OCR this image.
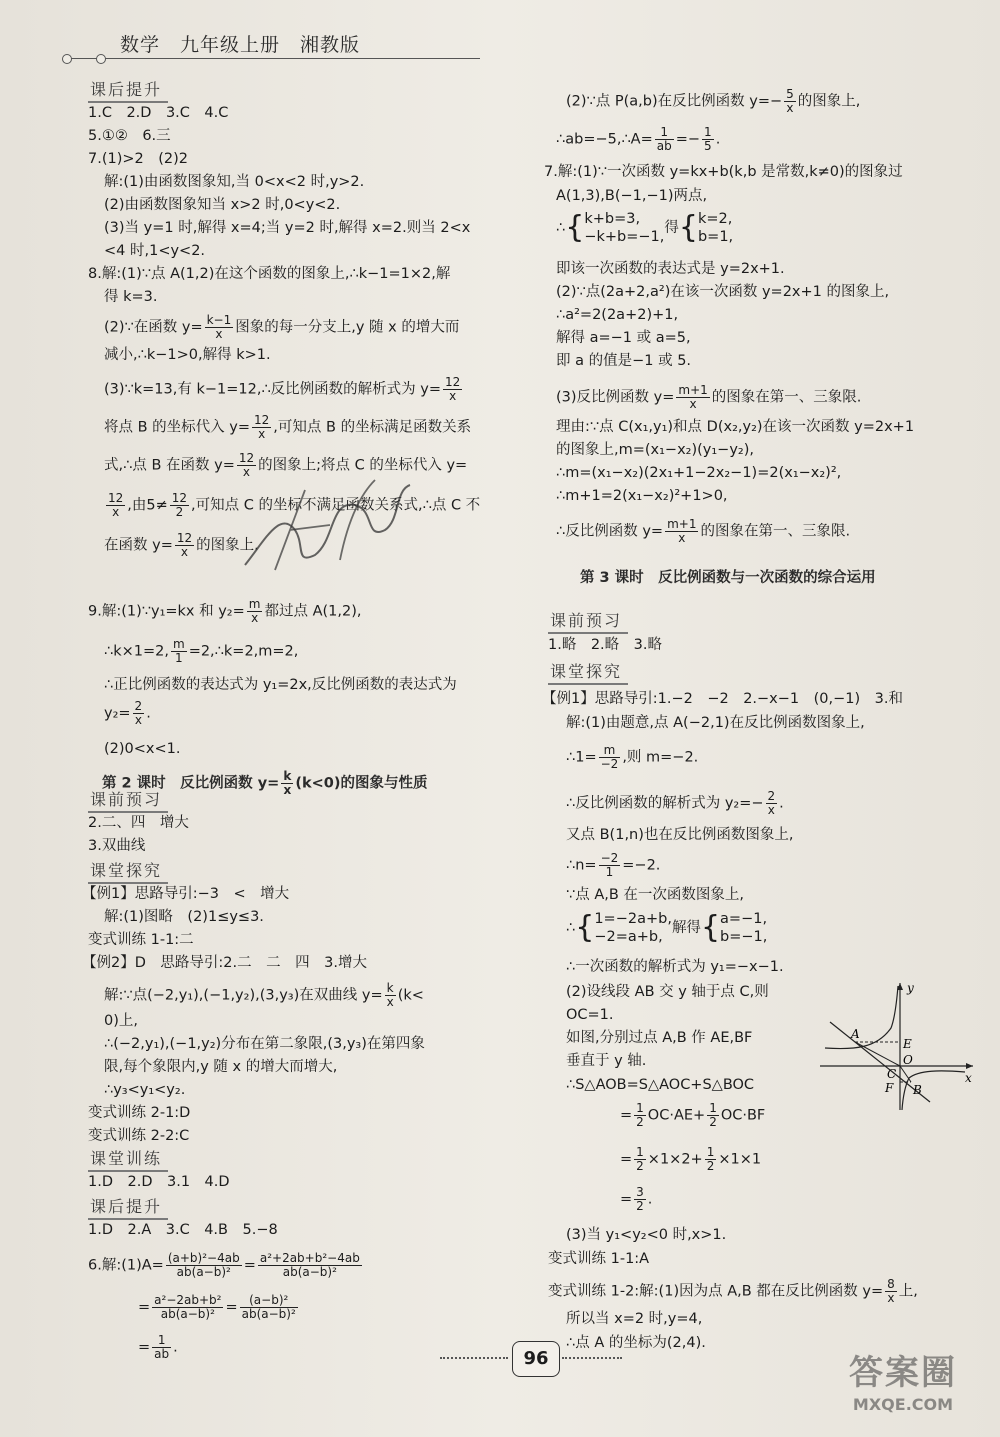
数学　九年级上册　湘教版
课后提升
1.C　2.D　3.C　4.C
5.①②　6.三
7.(1)>2　(2)2
解:(1)由函数图象知,当 0<x<2 时,y>2.
(2)由函数图象知当 x>2 时,0<y<2.
(3)当 y=1 时,解得 x=4;当 y=2 时,解得 x=2.则当 2<x
<4 时,1<y<2.
8.解:(1)∵点 A(1,2)在这个函数的图象上,∴k−1=1×2,解
得 k=3.
(2)∵在函数 $y= \frac{k-1}{x}$ 图象的每一分支上,y 随 x 的增大而
减小,∴k−1>0,解得 k>1.
(3)∵k=13,有 k−1=12,∴反比例函数的解析式为 $y= \frac{12}{x}$
将点 B 的坐标代入 $y= \frac{12}{x}$ ,可知点 B 的坐标满足函数关系
式,∴点 B 在函数 $y= \frac{12}{x}$ 的图象上;将点 C 的坐标代入 y=
$\frac{12}{x}$ ,由$5\ne \frac{12}{2}$ ,可知点 C 的坐标不满足函数关系式,∴点 C 不
在函数 $y= \frac{12}{x}$ 的图象上.
9.解:(1)∵y₁=kx 和 $y_2= \frac{m}{x}$ 都过点 A(1,2),
∴k×1=2, $\frac{m}{1}$ =2,∴k=2,m=2,
∴正比例函数的表达式为 y₁=2x,反比例函数的表达式为
$y_2= \frac{2}{x}$ .
(2)0<x<1.
第 2 课时　反比例函数 $y= \frac{k}{x} (k<0)$的图象与性质
课前预习
2.二、四　增大
3.双曲线
课堂探究
【例1】思路导引:−3　<　增大
解:(1)图略　(2)1≤y≤3.
变式训练 1-1:二
【例2】D　思路导引:2.二　二　四　3.增大
解:∵点(−2,y₁),(−1,y₂),(3,y₃)在双曲线 $y= \frac{k}{x} (k<$
0)上,
∴(−2,y₁),(−1,y₂)分布在第二象限,(3,y₃)在第四象
限,每个象限内,y 随 x 的增大而增大,
∴y₃<y₁<y₂.
变式训练 2-1:D
变式训练 2-2:C
课堂训练
1.D　2.D　3.1　4.D
课后提升
1.D　2.A　3.C　4.B　5.−8
6.解:(1)A= $\frac{\text{(a+b)²−4ab}}{\text{ab(a−b)²}} = \frac{\text{a²+2ab+b²−4ab}}{\text{ab(a−b)²}}$
= $\frac{\text{a²−2ab+b²}}{\text{ab(a−b)²}} = \frac{\text{(a−b)²}}{\text{ab(a−b)²}}$
= $\frac{1}{ab}$ .
(2)∵点 P(a,b)在反比例函数 $y=- \frac{5}{x}$ 的图象上,
∴ab=−5,∴A= $\frac{1}{ab} =- \frac{1}{5}$ .
7.解:(1)∵一次函数 y=kx+b(k,b 是常数,k≠0)的图象过
A(1,3),B(−1,−1)两点,
∴{k+b=3,
−k+b=−1,得{k=2,
b=1,
即该一次函数的表达式是 y=2x+1.
(2)∵点(2a+2,a²)在该一次函数 y=2x+1 的图象上,
∴a²=2(2a+2)+1,
解得 a=−1 或 a=5,
即 a 的值是−1 或 5.
(3)反比例函数 $y= \frac{m+1}{x}$ 的图象在第一、三象限.
理由:∵点 C(x₁,y₁)和点 D(x₂,y₂)在该一次函数 y=2x+1
的图象上,m=(x₁−x₂)(y₁−y₂),
∴m=(x₁−x₂)(2x₁+1−2x₂−1)=2(x₁−x₂)²,
∴m+1=2(x₁−x₂)²+1>0,
∴反比例函数 $y= \frac{m+1}{x}$ 的图象在第一、三象限.
第 3 课时　反比例函数与一次函数的综合运用
课前预习
1.略　2.略　3.略
课堂探究
【例1】思路导引:1.−2　−2　2.−x−1　(0,−1)　3.和
解:(1)由题意,点 A(−2,1)在反比例函数图象上,
∴1= $\frac{m}{-2}$ ,则 m=−2.
∴反比例函数的解析式为 $y_2=- \frac{2}{x}$ .
又点 B(1,n)也在反比例函数图象上,
∴n= $\frac{-2}{1} =-2$.
∵点 A,B 在一次函数图象上,
∴{1=−2a+b,
−2=a+b,解得{a=−1,
b=−1,
∴一次函数的解析式为 y₁=−x−1.
(2)设线段 AB 交 y 轴于点 C,则
OC=1.
如图,分别过点 A,B 作 AE,BF
垂直于 y 轴.
∴S△AOB=S△AOC+S△BOC
= $\frac{1}{2} OC\cdot AE+ \frac{1}{2} OC\cdot BF$
= $\frac{1}{2} \times 1\times 2+ \frac{1}{2} \times 1\times 1$
= $\frac{3}{2}$ .
(3)当 y₁<y₂<0 时,x>1.
变式训练 1-1:A
变式训练 1-2:解:(1)因为点 A,B 都在反比例函数 $y= \frac{8}{x}$ 上,
所以当 x=2 时,y=4,
∴点 A 的坐标为(2,4).
y
x
A
E
O
C
F B
96	答案圈
MXQE.COM
